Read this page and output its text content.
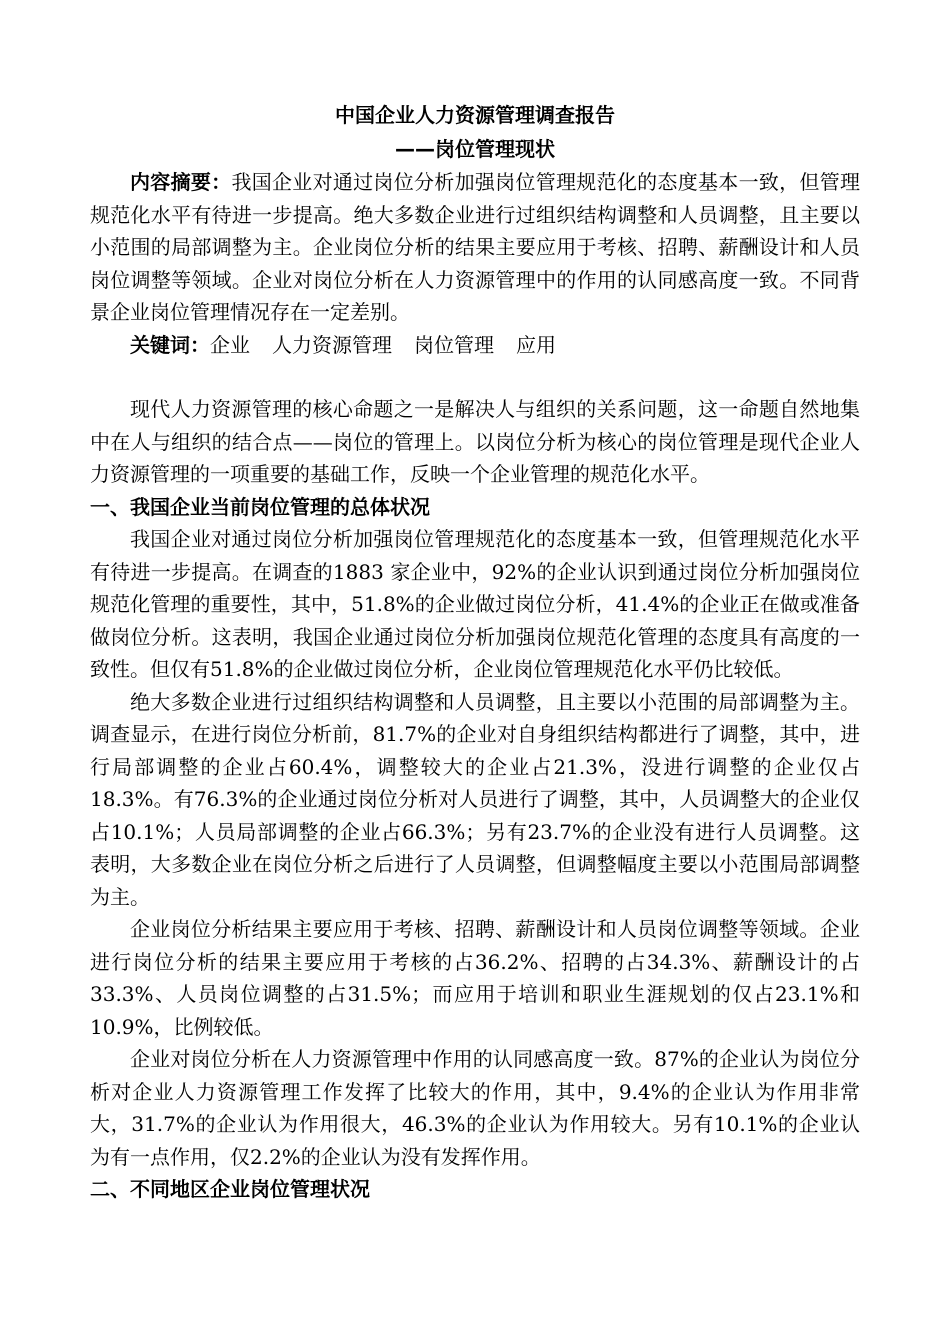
中国企业人力资源管理调查报告
——岗位管理现状

内容摘要：我国企业对通过岗位分析加强岗位管理规范化的态度基本一致，但管理规范化水平有待进一步提高。绝大多数企业进行过组织结构调整和人员调整，且主要以小范围的局部调整为主。企业岗位分析的结果主要应用于考核、招聘、薪酬设计和人员岗位调整等领域。企业对岗位分析在人力资源管理中的作用的认同感高度一致。不同背景企业岗位管理情况存在一定差别。

关键词：企业 人力资源管理 岗位管理 应用

现代人力资源管理的核心命题之一是解决人与组织的关系问题，这一命题自然地集中在人与组织的结合点——岗位的管理上。以岗位分析为核心的岗位管理是现代企业人力资源管理的一项重要的基础工作，反映一个企业管理的规范化水平。

一、我国企业当前岗位管理的总体状况

我国企业对通过岗位分析加强岗位管理规范化的态度基本一致，但管理规范化水平有待进一步提高。在调查的1883 家企业中，92%的企业认识到通过岗位分析加强岗位规范化管理的重要性，其中，51.8%的企业做过岗位分析，41.4%的企业正在做或准备做岗位分析。这表明，我国企业通过岗位分析加强岗位规范化管理的态度具有高度的一致性。但仅有51.8%的企业做过岗位分析，企业岗位管理规范化水平仍比较低。

绝大多数企业进行过组织结构调整和人员调整，且主要以小范围的局部调整为主。调查显示，在进行岗位分析前，81.7%的企业对自身组织结构都进行了调整，其中，进行局部调整的企业占60.4%，调整较大的企业占21.3%，没进行调整的企业仅占18.3%。有76.3%的企业通过岗位分析对人员进行了调整，其中，人员调整大的企业仅占10.1%；人员局部调整的企业占66.3%；另有23.7%的企业没有进行人员调整。这表明，大多数企业在岗位分析之后进行了人员调整，但调整幅度主要以小范围局部调整为主。

企业岗位分析结果主要应用于考核、招聘、薪酬设计和人员岗位调整等领域。企业进行岗位分析的结果主要应用于考核的占36.2%、招聘的占34.3%、薪酬设计的占33.3%、人员岗位调整的占31.5%；而应用于培训和职业生涯规划的仅占23.1%和10.9%，比例较低。

企业对岗位分析在人力资源管理中作用的认同感高度一致。87%的企业认为岗位分析对企业人力资源管理工作发挥了比较大的作用，其中，9.4%的企业认为作用非常大，31.7%的企业认为作用很大，46.3%的企业认为作用较大。另有10.1%的企业认为有一点作用，仅2.2%的企业认为没有发挥作用。

二、不同地区企业岗位管理状况
